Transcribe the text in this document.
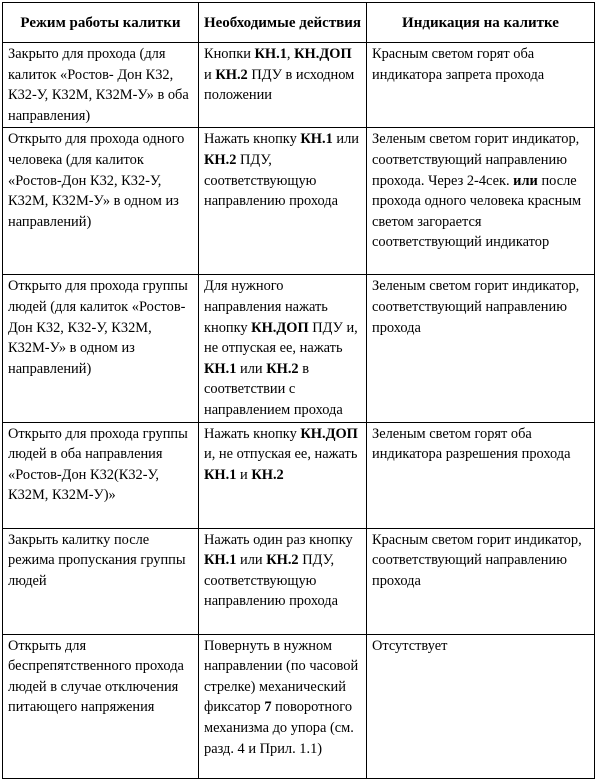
Режим работы калитки	Необходимые действия	Индикация на калитке
Закрыто для прохода (для калиток «Ростов- Дон К32, К32-У, К32М, К32М-У» в оба направления)	Кнопки КН.1, КН.ДОП и КН.2 ПДУ в исходном положении	Красным светом горят оба индикатора запрета прохода
Открыто для прохода одного человека (для калиток «Ростов-Дон К32, К32-У, К32М, К32М-У» в одном из направлений)	Нажать кнопку КН.1 или КН.2 ПДУ, соответствующую направлению прохода	Зеленым светом горит индикатор, соответствующий направлению прохода. Через 2-4сек. или после прохода одного человека красным светом загорается соответствующий индикатор
Открыто для прохода группы людей (для калиток «Ростов-Дон К32, К32-У, К32М, К32М-У» в одном из направлений)	Для нужного направления нажать кнопку КН.ДОП ПДУ и, не отпуская ее, нажать КН.1 или КН.2 в соответствии с направлением прохода	Зеленым светом горит индикатор, соответствующий направлению прохода
Открыто для прохода группы людей в оба направления «Ростов-Дон К32(К32-У, К32М, К32М-У)»	Нажать кнопку КН.ДОП и, не отпуская ее, нажать КН.1 и КН.2	Зеленым светом горят оба индикатора разрешения прохода
Закрыть калитку после режима пропускания группы людей	Нажать один раз кнопку КН.1 или КН.2 ПДУ, соответствующую направлению прохода	Красным светом горит индикатор, соответствующий направлению прохода
Открыть для беспрепятственного прохода людей в случае отключения питающего напряжения	Повернуть в нужном направлении (по часовой стрелке) механический фиксатор 7 поворотного механизма до упора (см. разд. 4 и Прил. 1.1)	Отсутствует
